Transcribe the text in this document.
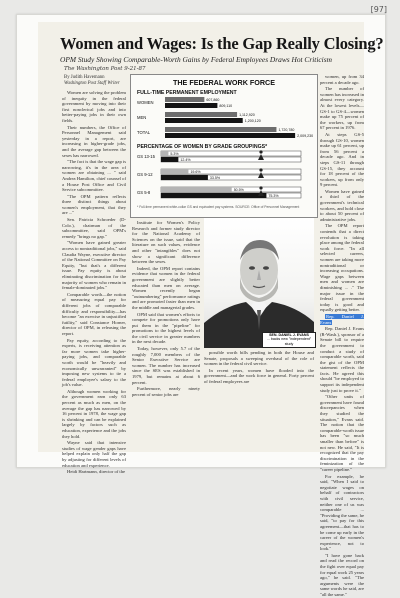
[97]
Women and Wages: Is the Gap Really Closing?
OPM Study Showing Comparable-Worth Gains by Federal Employees Draws Hot Criticism
The Washington Post 9-21-87
By Judith Havemann
Washington Post Staff Writer

Women are solving the problem of inequity in the federal government by moving into their first nonclerical jobs and into better-paying jobs in their own fields.

Their numbers, the Office of Personnel Management said yesterday in a report, are increasing in higher-grade jobs, and the average gap between the sexes has narrowed.

"The fact is that the wage gap is narrowing, it's in the area of women are obtaining ... " said Andrea Hamilton, chief counsel of a House Post Office and Civil Service subcommittee.

"The OPM pattern reflects three distinct things about women's employment, that they are ..."

Sen. Patricia Schroeder (D-Colo.), chairman of the subcommittee, said OPM's remedy "brings no gap."

"Women have gained greater access to nontraditional jobs," said Claudia Wayne, executive director of the National Committee on Pay Equity, "but that's a different issue. Pay equity is about eliminating discrimination for the majority of women who remain in female-dominated jobs."

Comparable worth—the notion of measuring equal pay for different jobs of comparable difficulty and responsibility—has become "an exercise in unjustified futility," said Constance Horner, director of OPM, in releasing the report.

Pay equity, according to the experts, is receiving attention as far more women take higher-paying jobs, and comparable worth would be "heavily and economically unwarranted" by imposing new systems to tie a federal employee's salary to the job's value.

Although women working for the government earn only 63 percent as much as men, on the average the gap has narrowed by 16 percent in 1978, the wage gap is shrinking and can be explained largely by factors such as education, experience and the jobs they hold.

Wayne said that intensive studies of wage gender gaps have helped explain only half the gap by adjusting for different levels of education and experience.

Heidi Hartmann, director of the

THE FEDERAL WORK FORCE
FULL-TIME PERMANENT EMPLOYMENT
PERCENTAGE OF WOMEN BY GRADE GROUPINGS*
WOMEN	607,860
809,110
MEN	1,112,920
1,200,120
TOTAL	1,720,780
2,009,230
GS 13-15	5.3%
12.4%
GS 9-12	19.6%
33.5%
GS 5-8	50.5%
75.3%
* Full-time permanent white-collar GS and equivalent pay systems. SOURCE: Office of Personnel Management

Institute for Women's Policy Research and former study director for the National Academy of Sciences on the issue, said that the literature on such values, evidence and other "intangibles" does not show a significant difference between the sexes.

Indeed, the OPM report contains evidence that women in the federal government are slightly better educated than men on average. Women recently began "outnumbering" performance ratings and are promoted faster than men in the middle and managerial grades.

OPM said that women's efforts to compete for promotions only have put them in the "pipeline" for promotions to the highest levels of the civil service in greater numbers in the next decade.

Today, however, only 5.7 of the roughly 7,000 members of the Senior Executive Service are women. The number has increased since the SES was established in 1979, but remains at about 6 percent.

Furthermore, nearly ninety percent of senior jobs are

SEN. DANIEL J. EVANS
... backs new "independent" study

possible worth bills pending in both the House and Senate, proposals a sweeping overhaul of the role of women in the federal civil service.

In recent years, women have flooded into the government—and the work force in general. Forty percent of federal employees are

women, up from 34 percent a decade ago.

The number of women has increased in almost every category. At the lowest levels—GS-1 to GS-4—women make up 75 percent of the workers, up from 67 percent in 1976.

At steps GS-5 through GS-10, women make up 61 percent, up from 56 percent a decade ago. And in steps GS-11 through GS-15, they account for 18 percent of the workers, up from only 9 percent.

Women have gained a third of the government's technical workers, and hold close to about 50 percent of administrative jobs.

The OPM report contends that a direct revolution is taking place among the federal work force. "In all selected careers, women are taking more nontraditional or increasing occupations. Wage gaps between men and women are diminishing ... ." The major issue in the federal government today is good and equally getting better.

Rep. Daniel J. Evans

Rep. Daniel J. Evans (R-Wash.), sponsor of a Senate bill to require the government to conduct a study of comparable worth, said the gist of the OPM statement reflects the facts. He agreed this should "be employed to support its independent study just to prove it."

"Other units of government have found discrepancies when they studied the situation," Evans said. The notion that the comparable-worth issue has been "so much smaller than before" is not new. He said, "It is recognized that the pay discrimination in the feminization of the "career pipeline."

For example, he said, "When I said to negotiate wages on behalf of contractors with civil service, neither one of us was comparable ... "Providing the same, he said, "to pay for this agreement—that has to be come up early in the career of the women's experience, not to look."

"I have gone back and read the record on the fight over equal pay for equal work 25 years ago," he said. "The arguments were the same words he said, are "all the same."
